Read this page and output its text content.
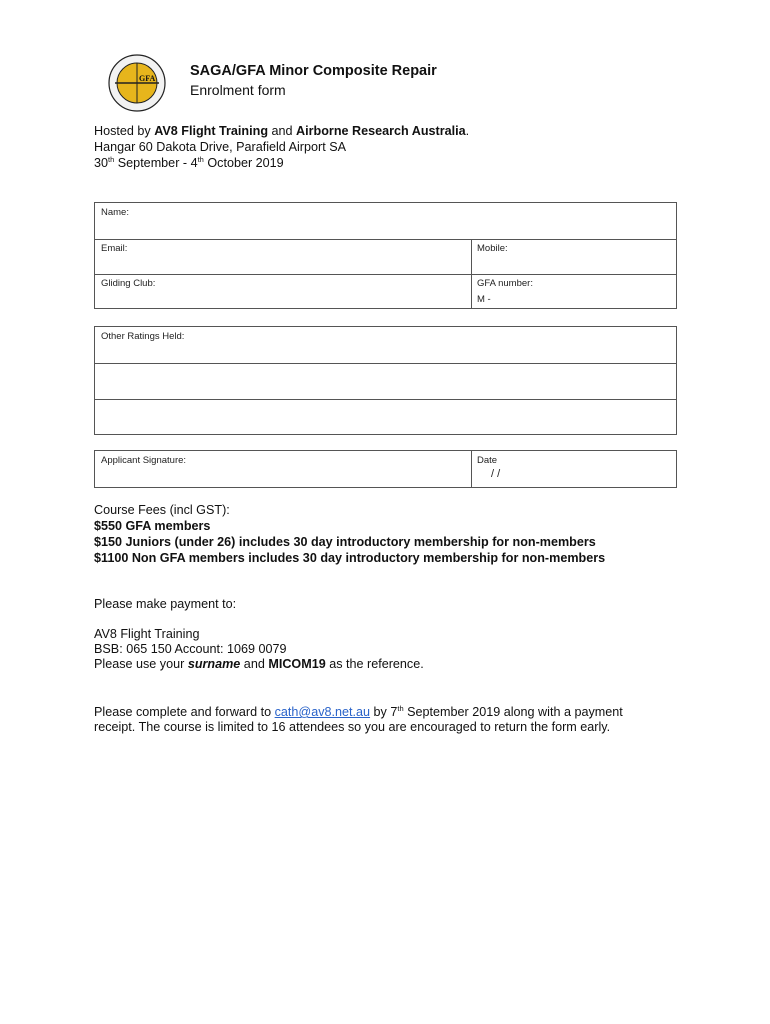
GFA SAGA/GFA Minor Composite Repair
Enrolment form
Hosted by AV8 Flight Training and Airborne Research Australia.
Hangar 60 Dakota Drive, Parafield Airport SA
30th September - 4th October 2019
Name:
Email:	Mobile:
Gliding Club:	GFA number:
M -
Other Ratings Held:
Applicant Signature:	Date
/ /
Course Fees (incl GST):
$550 GFA members
$150 Juniors (under 26) includes 30 day introductory membership for non-members
$1100 Non GFA members includes 30 day introductory membership for non-members
Please make payment to:
AV8 Flight Training
BSB: 065 150 Account: 1069 0079
Please use your surname and MICOM19 as the reference.
Please complete and forward to cath@av8.net.au by 7th September 2019 along with a payment
receipt. The course is limited to 16 attendees so you are encouraged to return the form early.
